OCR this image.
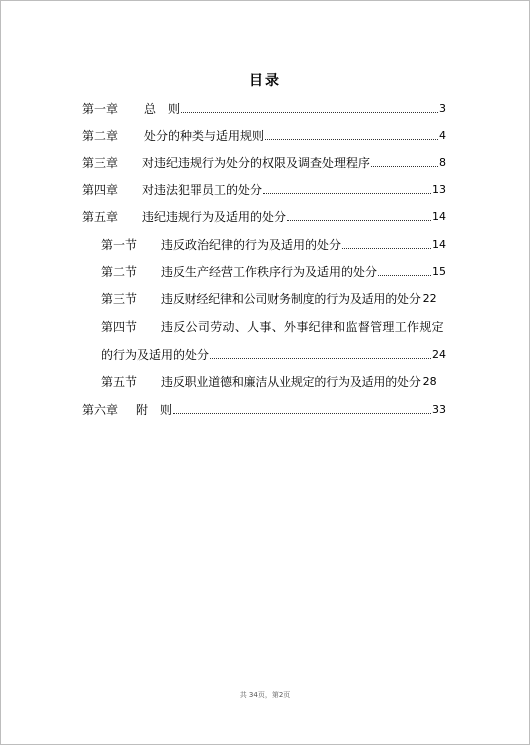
目录
第一章 总　则	3
第二章 处分的种类与适用规则	4
第三章 对违纪违规行为处分的权限及调查处理程序	8
第四章 对违法犯罪员工的处分	13
第五章 违纪违规行为及适用的处分	14
第一节 违反政治纪律的行为及适用的处分	14
第二节 违反生产经营工作秩序行为及适用的处分	15
第三节 违反财经纪律和公司财务制度的行为及适用的处分 22
第四节 违反公司劳动、人事、外事纪律和监督管理工作规定
的行为及适用的处分	24
第五节 违反职业道德和廉洁从业规定的行为及适用的处分 28
第六章 附　则	33
共 34页，第2页
